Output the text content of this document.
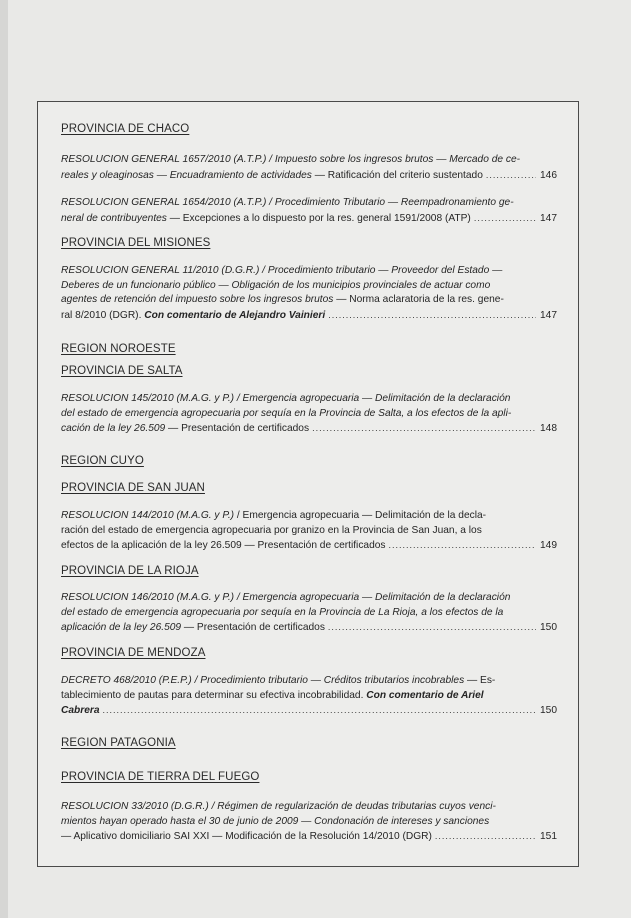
PROVINCIA DE CHACO

RESOLUCION GENERAL 1657/2010 (A.T.P.) / Impuesto sobre los ingresos brutos — Mercado de ce-

reales y oleaginosas — Encuadramiento de actividades — Ratificación del criterio sustentado .....	146

RESOLUCION GENERAL 1654/2010 (A.T.P.) / Procedimiento Tributario — Reempadronamiento ge-

neral de contribuyentes — Excepciones a lo dispuesto por la res. general 1591/2008 (ATP) .....	147

PROVINCIA DEL MISIONES

RESOLUCION GENERAL 11/2010 (D.G.R.) / Procedimiento tributario — Proveedor del Estado —

Deberes de un funcionario público — Obligación de los municipios provinciales de actuar como

agentes de retención del impuesto sobre los ingresos brutos — Norma aclaratoria de la res. gene-

ral 8/2010 (DGR). Con comentario de Alejandro Vainieri .....	147

REGION NOROESTE

PROVINCIA DE SALTA

RESOLUCION 145/2010 (M.A.G. y P.) / Emergencia agropecuaria — Delimitación de la declaración

del estado de emergencia agropecuaria por sequía en la Provincia de Salta, a los efectos de la apli-

cación de la ley 26.509 — Presentación de certificados .....	148

REGION CUYO

PROVINCIA DE SAN JUAN

RESOLUCION 144/2010 (M.A.G. y P.) / Emergencia agropecuaria — Delimitación de la decla-

ración del estado de emergencia agropecuaria por granizo en la Provincia de San Juan, a los

efectos de la aplicación de la ley 26.509 — Presentación de certificados .....	149

PROVINCIA DE LA RIOJA

RESOLUCION 146/2010 (M.A.G. y P.) / Emergencia agropecuaria — Delimitación de la declaración

del estado de emergencia agropecuaria por sequía en la Provincia de La Rioja, a los efectos de la

aplicación de la ley 26.509 — Presentación de certificados .....	150

PROVINCIA DE MENDOZA

DECRETO 468/2010 (P.E.P.) / Procedimiento tributario — Créditos tributarios incobrables — Es-

tablecimiento de pautas para determinar su efectiva incobrabilidad. Con comentario de Ariel

Cabrera .....	150

REGION PATAGONIA

PROVINCIA DE TIERRA DEL FUEGO

RESOLUCION 33/2010 (D.G.R.) / Régimen de regularización de deudas tributarias cuyos venci-

mientos hayan operado hasta el 30 de junio de 2009 — Condonación de intereses y sanciones

— Aplicativo domiciliario SAI XXI — Modificación de la Resolución 14/2010 (DGR) .....	151
